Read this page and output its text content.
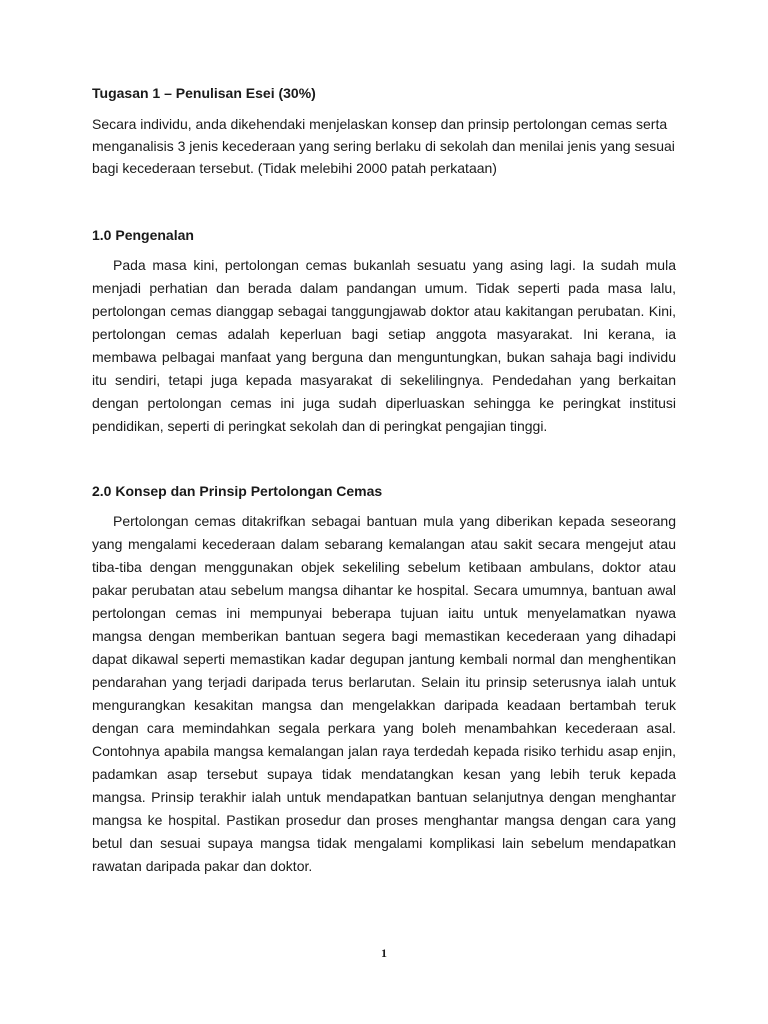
Tugasan 1 – Penulisan Esei (30%)

Secara individu, anda dikehendaki menjelaskan konsep dan prinsip pertolongan cemas serta menganalisis 3 jenis kecederaan yang sering berlaku di sekolah dan menilai jenis yang sesuai bagi kecederaan tersebut. (Tidak melebihi 2000 patah perkataan)

1.0 Pengenalan

Pada masa kini, pertolongan cemas bukanlah sesuatu yang asing lagi. Ia sudah mula menjadi perhatian dan berada dalam pandangan umum. Tidak seperti pada masa lalu, pertolongan cemas dianggap sebagai tanggungjawab doktor atau kakitangan perubatan. Kini, pertolongan cemas adalah keperluan bagi setiap anggota masyarakat. Ini kerana, ia membawa pelbagai manfaat yang berguna dan menguntungkan, bukan sahaja bagi individu itu sendiri, tetapi juga kepada masyarakat di sekelilingnya. Pendedahan yang berkaitan dengan pertolongan cemas ini juga sudah diperluaskan sehingga ke peringkat institusi pendidikan, seperti di peringkat sekolah dan di peringkat pengajian tinggi.

2.0 Konsep dan Prinsip Pertolongan Cemas

Pertolongan cemas ditakrifkan sebagai bantuan mula yang diberikan kepada seseorang yang mengalami kecederaan dalam sebarang kemalangan atau sakit secara mengejut atau tiba-tiba dengan menggunakan objek sekeliling sebelum ketibaan ambulans, doktor atau pakar perubatan atau sebelum mangsa dihantar ke hospital. Secara umumnya, bantuan awal pertolongan cemas ini mempunyai beberapa tujuan iaitu untuk menyelamatkan nyawa mangsa dengan memberikan bantuan segera bagi memastikan kecederaan yang dihadapi dapat dikawal seperti memastikan kadar degupan jantung kembali normal dan menghentikan pendarahan yang terjadi daripada terus berlarutan. Selain itu prinsip seterusnya ialah untuk mengurangkan kesakitan mangsa dan mengelakkan daripada keadaan bertambah teruk dengan cara memindahkan segala perkara yang boleh menambahkan kecederaan asal. Contohnya apabila mangsa kemalangan jalan raya terdedah kepada risiko terhidu asap enjin, padamkan asap tersebut supaya tidak mendatangkan kesan yang lebih teruk kepada mangsa. Prinsip terakhir ialah untuk mendapatkan bantuan selanjutnya dengan menghantar mangsa ke hospital. Pastikan prosedur dan proses menghantar mangsa dengan cara yang betul dan sesuai supaya mangsa tidak mengalami komplikasi lain sebelum mendapatkan rawatan daripada pakar dan doktor.

1
